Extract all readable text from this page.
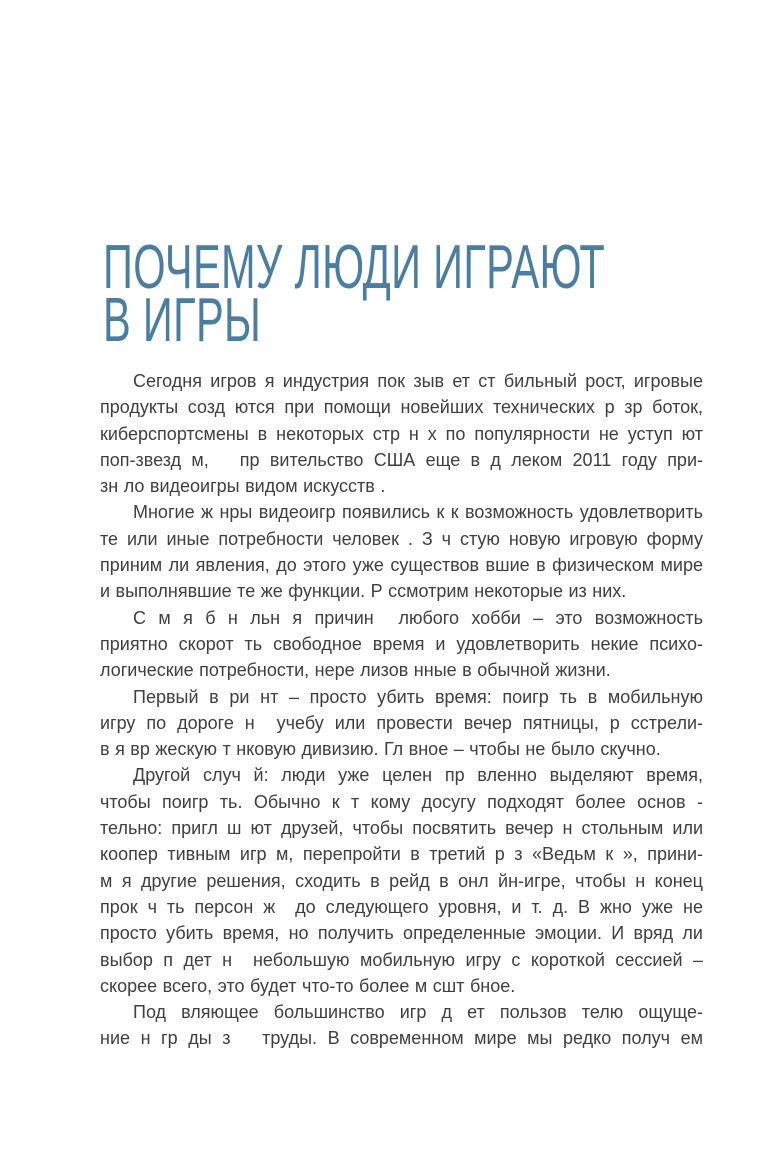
ПОЧЕМУ ЛЮДИ ИГРАЮТ
В ИГРЫ
Сегодня игров я индустрия пок зыв ет ст бильный рост, игровые
продукты созд ются при помощи новейших технических р зр боток,
киберспортсмены в некоторых стр н х по популярности не уступ ют
поп-звезд м,   пр вительство США еще в д леком 2011 году при-
зн ло видеоигры видом искусств .
Многие ж нры видеоигр появились к к возможность удовлетворить
те или иные потребности человек . З ч стую новую игровую форму
приним ли явления, до этого уже существов вшие в физическом мире
и выполнявшие те же функции. Р ссмотрим некоторые из них.
С м я б н льн я причин  любого хобби – это возможность
приятно скорот ть свободное время и удовлетворить некие психо-
логические потребности, нере лизов нные в обычной жизни.
Первый в ри нт – просто убить время: поигр ть в мобильную
игру по дороге н  учебу или провести вечер пятницы, р сстрели-
в я вр жескую т нковую дивизию. Гл вное – чтобы не было скучно.
Другой случ й: люди уже целен пр вленно выделяют время,
чтобы поигр ть. Обычно к т кому досугу подходят более основ -
тельно: пригл ш ют друзей, чтобы посвятить вечер н стольным или
коопер тивным игр м, перепройти в третий р з «Ведьм к », прини-
м я другие решения, сходить в рейд в онл йн-игре, чтобы н конец
прок ч ть персон ж  до следующего уровня, и т. д. В жно уже не
просто убить время, но получить определенные эмоции. И вряд ли
выбор п дет н  небольшую мобильную игру с короткой сессией –
скорее всего, это будет что-то более м сшт бное.
Под вляющее большинство игр д ет пользов телю ощуще-
ние н гр ды з   труды. В современном мире мы редко получ ем
